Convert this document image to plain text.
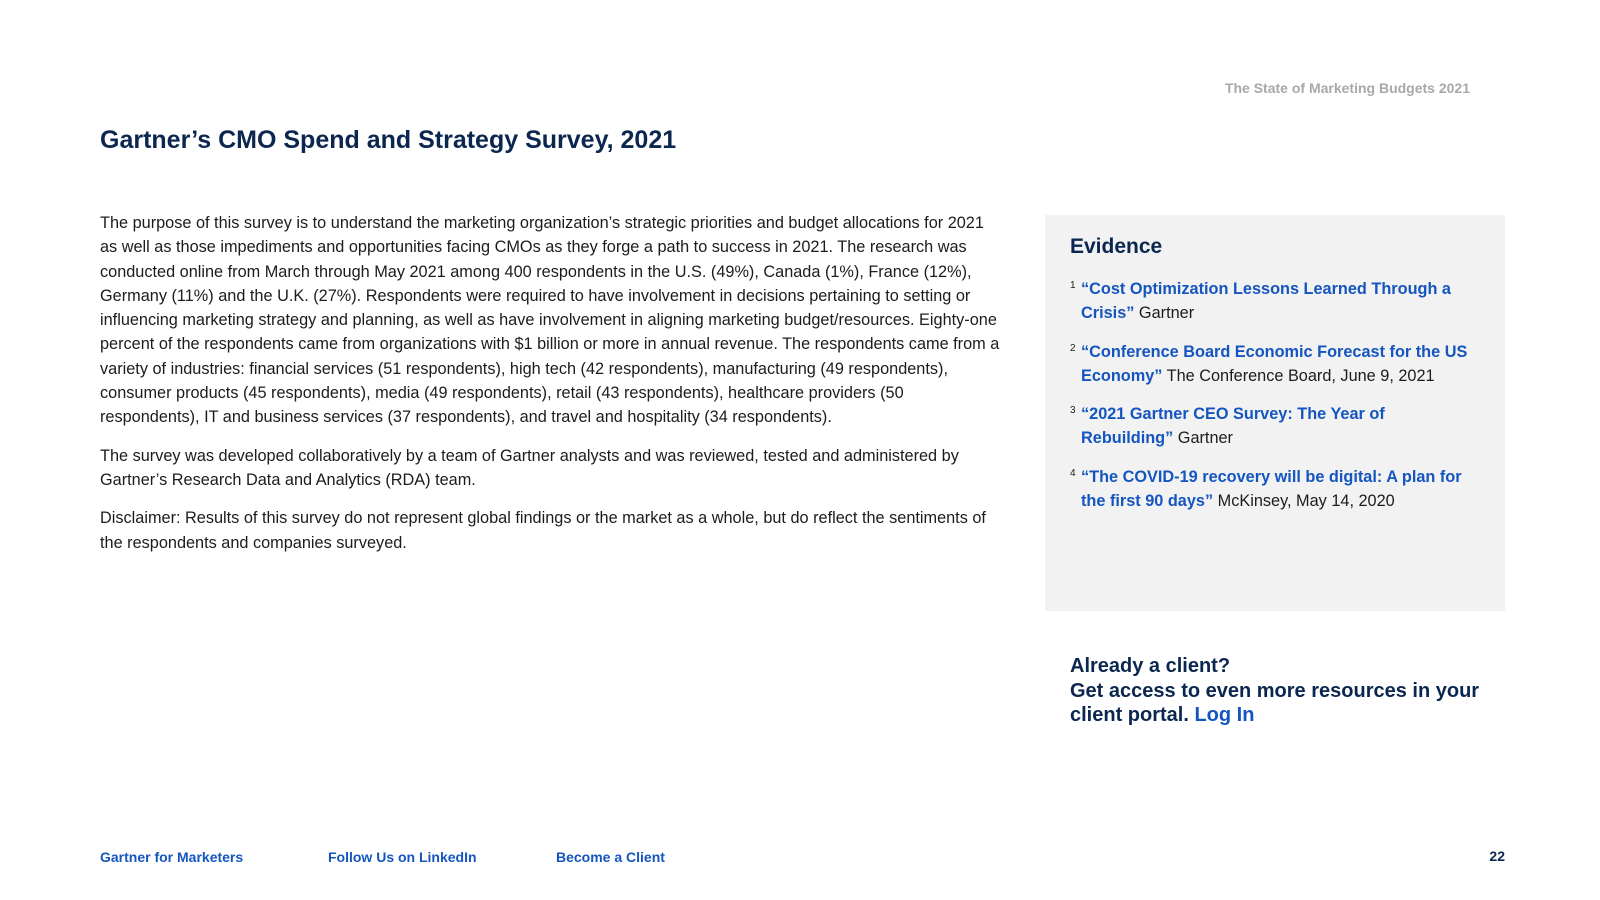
The State of Marketing Budgets 2021
Gartner’s CMO Spend and Strategy Survey, 2021

The purpose of this survey is to understand the marketing organization’s strategic priorities and budget allocations for 2021 as well as those impediments and opportunities facing CMOs as they forge a path to success in 2021. The research was conducted online from March through May 2021 among 400 respondents in the U.S. (49%), Canada (1%), France (12%), Germany (11%) and the U.K. (27%). Respondents were required to have involvement in decisions pertaining to setting or influencing marketing strategy and planning, as well as have involvement in aligning marketing budget/resources. Eighty-one percent of the respondents came from organizations with $1 billion or more in annual revenue. The respondents came from a variety of industries: financial services (51 respondents), high tech (42 respondents), manufacturing (49 respondents), consumer products (45 respondents), media (49 respondents), retail (43 respondents), healthcare providers (50 respondents), IT and business services (37 respondents), and travel and hospitality (34 respondents).

The survey was developed collaboratively by a team of Gartner analysts and was reviewed, tested and administered by Gartner’s Research Data and Analytics (RDA) team.

Disclaimer: Results of this survey do not represent global findings or the market as a whole, but do reflect the sentiments of the respondents and companies surveyed.

Evidence
1 “Cost Optimization Lessons Learned Through a Crisis” Gartner
2 “Conference Board Economic Forecast for the US Economy” The Conference Board, June 9, 2021
3 “2021 Gartner CEO Survey: The Year of Rebuilding” Gartner
4 “The COVID-19 recovery will be digital: A plan for the first 90 days” McKinsey, May 14, 2020
Already a client?
Get access to even more resources in your client portal. Log In
Gartner for Marketers	Follow Us on LinkedIn	Become a Client	22
